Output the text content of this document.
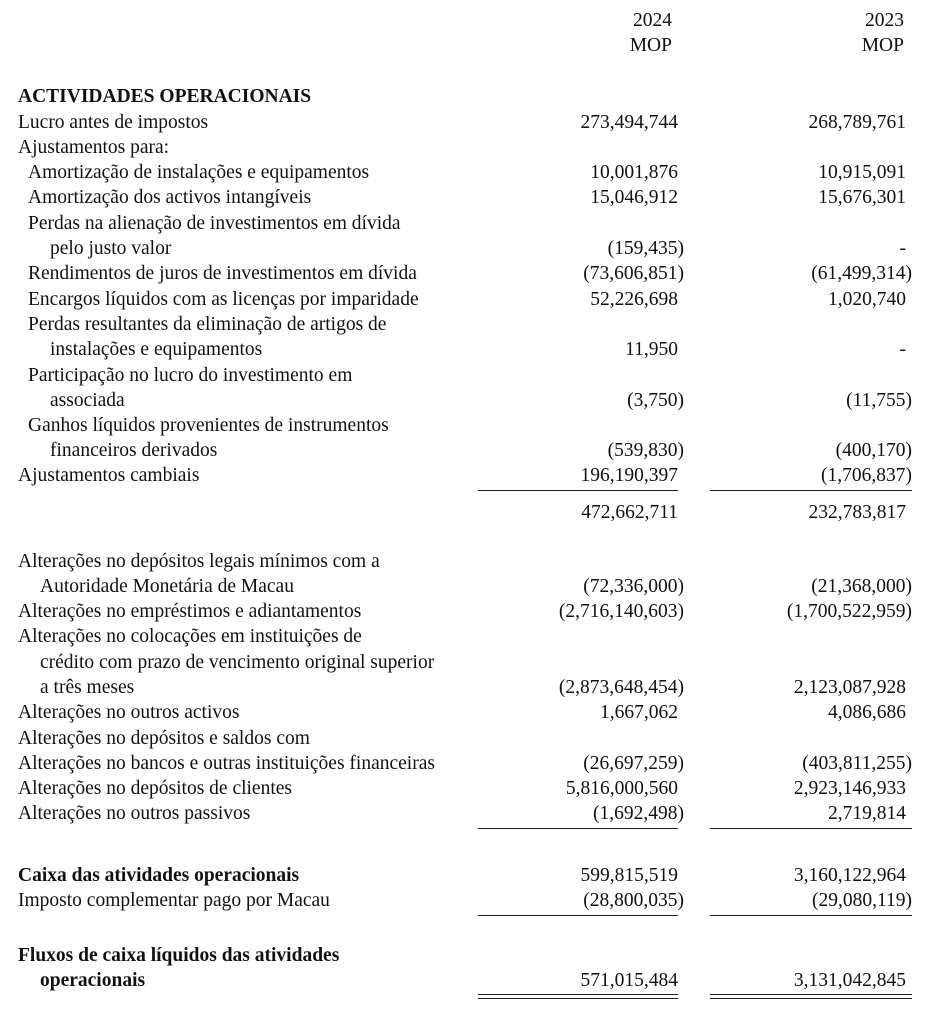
2024
MOP
2023
MOP
ACTIVIDADES OPERACIONAIS
Lucro antes de impostos	273,494,744	268,789,761
Ajustamentos para:
Amortização de instalações e equipamentos	10,001,876	10,915,091
Amortização dos activos intangíveis	15,046,912	15,676,301
Perdas na alienação de investimentos em dívida
pelo justo valor	(159,435)	-
Rendimentos de juros de investimentos em dívida	(73,606,851)	(61,499,314)
Encargos líquidos com as licenças por imparidade	52,226,698	1,020,740
Perdas resultantes da eliminação de artigos de
instalações e equipamentos	11,950	-
Participação no lucro do investimento em
associada	(3,750)	(11,755)
Ganhos líquidos provenientes de instrumentos
financeiros derivados	(539,830)	(400,170)
Ajustamentos cambiais	196,190,397	(1,706,837)
472,662,711	232,783,817
Alterações no depósitos legais mínimos com a
Autoridade Monetária de Macau	(72,336,000)	(21,368,000)
Alterações no empréstimos e adiantamentos	(2,716,140,603)	(1,700,522,959)
Alterações no colocações em instituições de
crédito com prazo de vencimento original superior
a três meses	(2,873,648,454)	2,123,087,928
Alterações no outros activos	1,667,062	4,086,686
Alterações no depósitos e saldos com
Alterações no bancos e outras instituições financeiras	(26,697,259)	(403,811,255)
Alterações no depósitos de clientes	5,816,000,560	2,923,146,933
Alterações no outros passivos	(1,692,498)	2,719,814
Caixa das atividades operacionais	599,815,519	3,160,122,964
Imposto complementar pago por Macau	(28,800,035)	(29,080,119)
Fluxos de caixa líquidos das atividades
operacionais	571,015,484	3,131,042,845
